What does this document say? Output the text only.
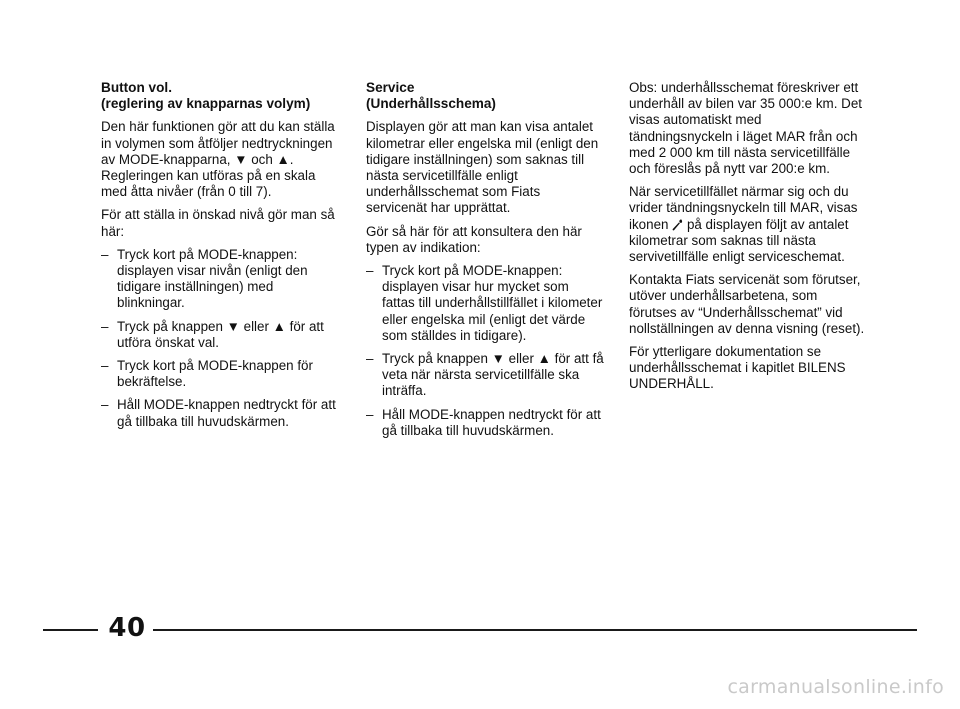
Button vol.
(reglering av knapparnas volym)

Den här funktionen gör att du kan ställa in volymen som åtföljer nedtryckningen av MODE-knapparna, ▼ och ▲. Regleringen kan utföras på en skala med åtta nivåer (från 0 till 7).

För att ställa in önskad nivå gör man så här:

– Tryck kort på MODE-knappen: displayen visar nivån (enligt den tidigare inställningen) med blinkningar.
– Tryck på knappen ▼ eller ▲ för att utföra önskat val.
– Tryck kort på MODE-knappen för bekräftelse.
– Håll MODE-knappen nedtryckt för att gå tillbaka till huvudskärmen.
Service
(Underhållsschema)

Displayen gör att man kan visa antalet kilometrar eller engelska mil (enligt den tidigare inställningen) som saknas till nästa servicetillfälle enligt underhållsschemat som Fiats servicenät har upprättat.

Gör så här för att konsultera den här typen av indikation:

– Tryck kort på MODE-knappen: displayen visar hur mycket som fattas till underhållstillfället i kilometer eller engelska mil (enligt det värde som ställdes in tidigare).
– Tryck på knappen ▼ eller ▲ för att få veta när närsta servicetillfälle ska inträffa.
– Håll MODE-knappen nedtryckt för att gå tillbaka till huvudskärmen.

Obs: underhållsschemat föreskriver ett underhåll av bilen var 35 000:e km. Det visas automatiskt med tändningsnyckeln i läget MAR från och med 2 000 km till nästa servicetillfälle och föreslås på nytt var 200:e km.

När servicetillfället närmar sig och du vrider tändningsnyckeln till MAR, visas ikonen på displayen följt av antalet kilometrar som saknas till nästa servivetillfälle enligt serviceschemat.

Kontakta Fiats servicenät som förutser, utöver underhållsarbetena, som förutses av “Underhållsschemat” vid nollställningen av denna visning (reset).

För ytterligare dokumentation se underhållsschemat i kapitlet BILENS UNDERHÅLL.

40
carmanualsonline.info
